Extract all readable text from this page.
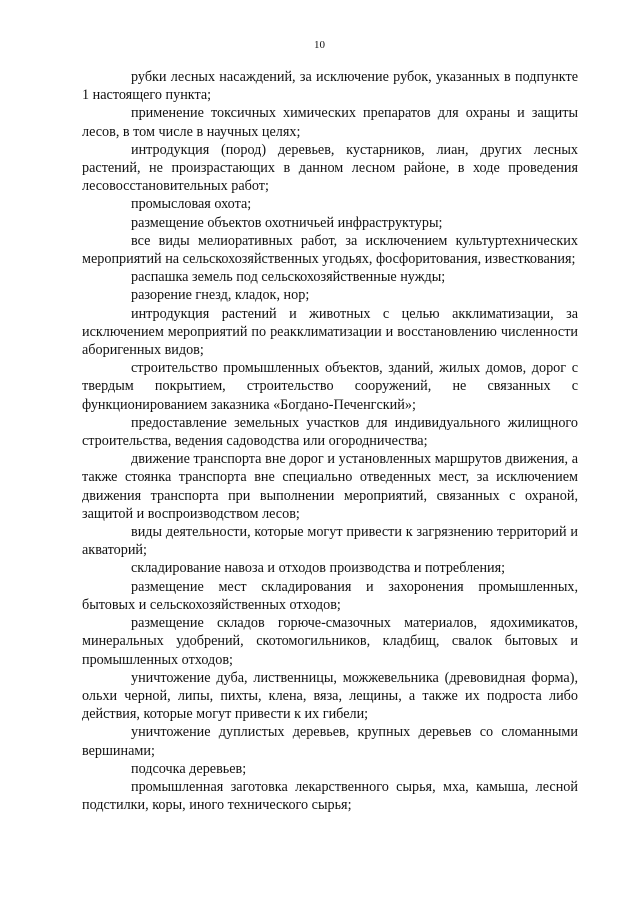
10

рубки лесных насаждений, за исключение рубок, указанных в подпункте 1 настоящего пункта;

применение токсичных химических препаратов для охраны и защиты лесов, в том числе в научных целях;

интродукция (пород) деревьев, кустарников, лиан, других лесных растений, не произрастающих в данном лесном районе, в ходе проведения лесовосстановительных работ;

промысловая охота;

размещение объектов охотничьей инфраструктуры;

все виды мелиоративных работ, за исключением культуртехнических мероприятий на сельскохозяйственных угодьях, фосфоритования, известкования;

распашка земель под сельскохозяйственные нужды;

разорение гнезд, кладок, нор;

интродукция растений и животных с целью акклиматизации, за исключением мероприятий по реакклиматизации и восстановлению численности аборигенных видов;

строительство промышленных объектов, зданий, жилых домов, дорог с твердым покрытием, строительство сооружений, не связанных с функционированием заказника «Богдано-Печенгский»;

предоставление земельных участков для индивидуального жилищного строительства, ведения садоводства или огородничества;

движение транспорта вне дорог и установленных маршрутов движения, а также стоянка транспорта вне специально отведенных мест, за исключением движения транспорта при выполнении мероприятий, связанных с охраной, защитой и воспроизводством лесов;

виды деятельности, которые могут привести к загрязнению территорий и акваторий;

складирование навоза и отходов производства и потребления;

размещение мест складирования и захоронения промышленных, бытовых и сельскохозяйственных отходов;

размещение складов горюче-смазочных материалов, ядохимикатов, минеральных удобрений, скотомогильников, кладбищ, свалок бытовых и промышленных отходов;

уничтожение дуба, лиственницы, можжевельника (древовидная форма), ольхи черной, липы, пихты, клена, вяза, лещины, а также их подроста либо действия, которые могут привести к их гибели;

уничтожение дуплистых деревьев, крупных деревьев со сломанными вершинами;

подсочка деревьев;

промышленная заготовка лекарственного сырья, мха, камыша, лесной подстилки, коры, иного технического сырья;
